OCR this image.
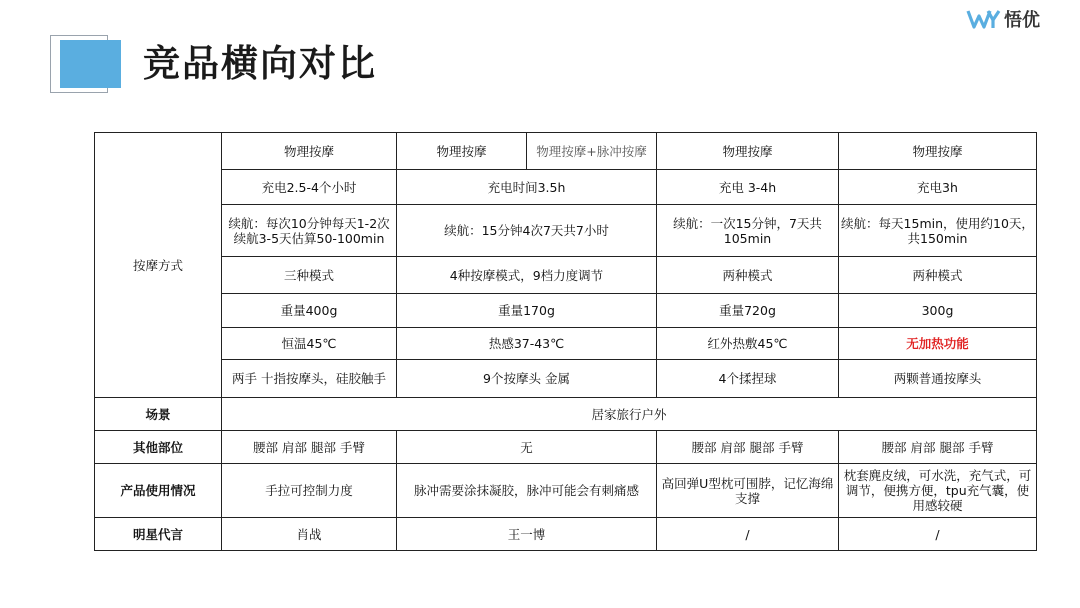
竞品横向对比
悟优
按摩方式	物理按摩	物理按摩	物理按摩+脉冲按摩	物理按摩	物理按摩
	充电2.5-4个小时	充电时间3.5h		充电 3-4h	充电3h
	续航：每次10分钟每天1-2次续航3-5天估算50-100min	续航：15分钟4次7天共7小时		续航：一次15分钟，7天共105min	续航：每天15min，使用约10天，共150min
	三种模式	4种按摩模式，9档力度调节		两种模式	两种模式
	重量400g	重量170g		重量720g	300g
	恒温45℃	热感37-43℃		红外热敷45℃	无加热功能
	两手 十指按摩头，硅胶触手	9个按摩头 金属		4个揉捏球	两颗普通按摩头
场景	居家旅行户外				
其他部位	腰部 肩部 腿部 手臂	无		腰部 肩部 腿部 手臂	腰部 肩部 腿部 手臂
产品使用情况	手拉可控制力度	脉冲需要涂抹凝胶，脉冲可能会有刺痛感		高回弹U型枕可围脖，记忆海绵支撑	枕套麂皮绒，可水洗，充气式，可调节，便携方便，tpu充气囊，使用感较硬
明星代言	肖战	王一博		/	/
